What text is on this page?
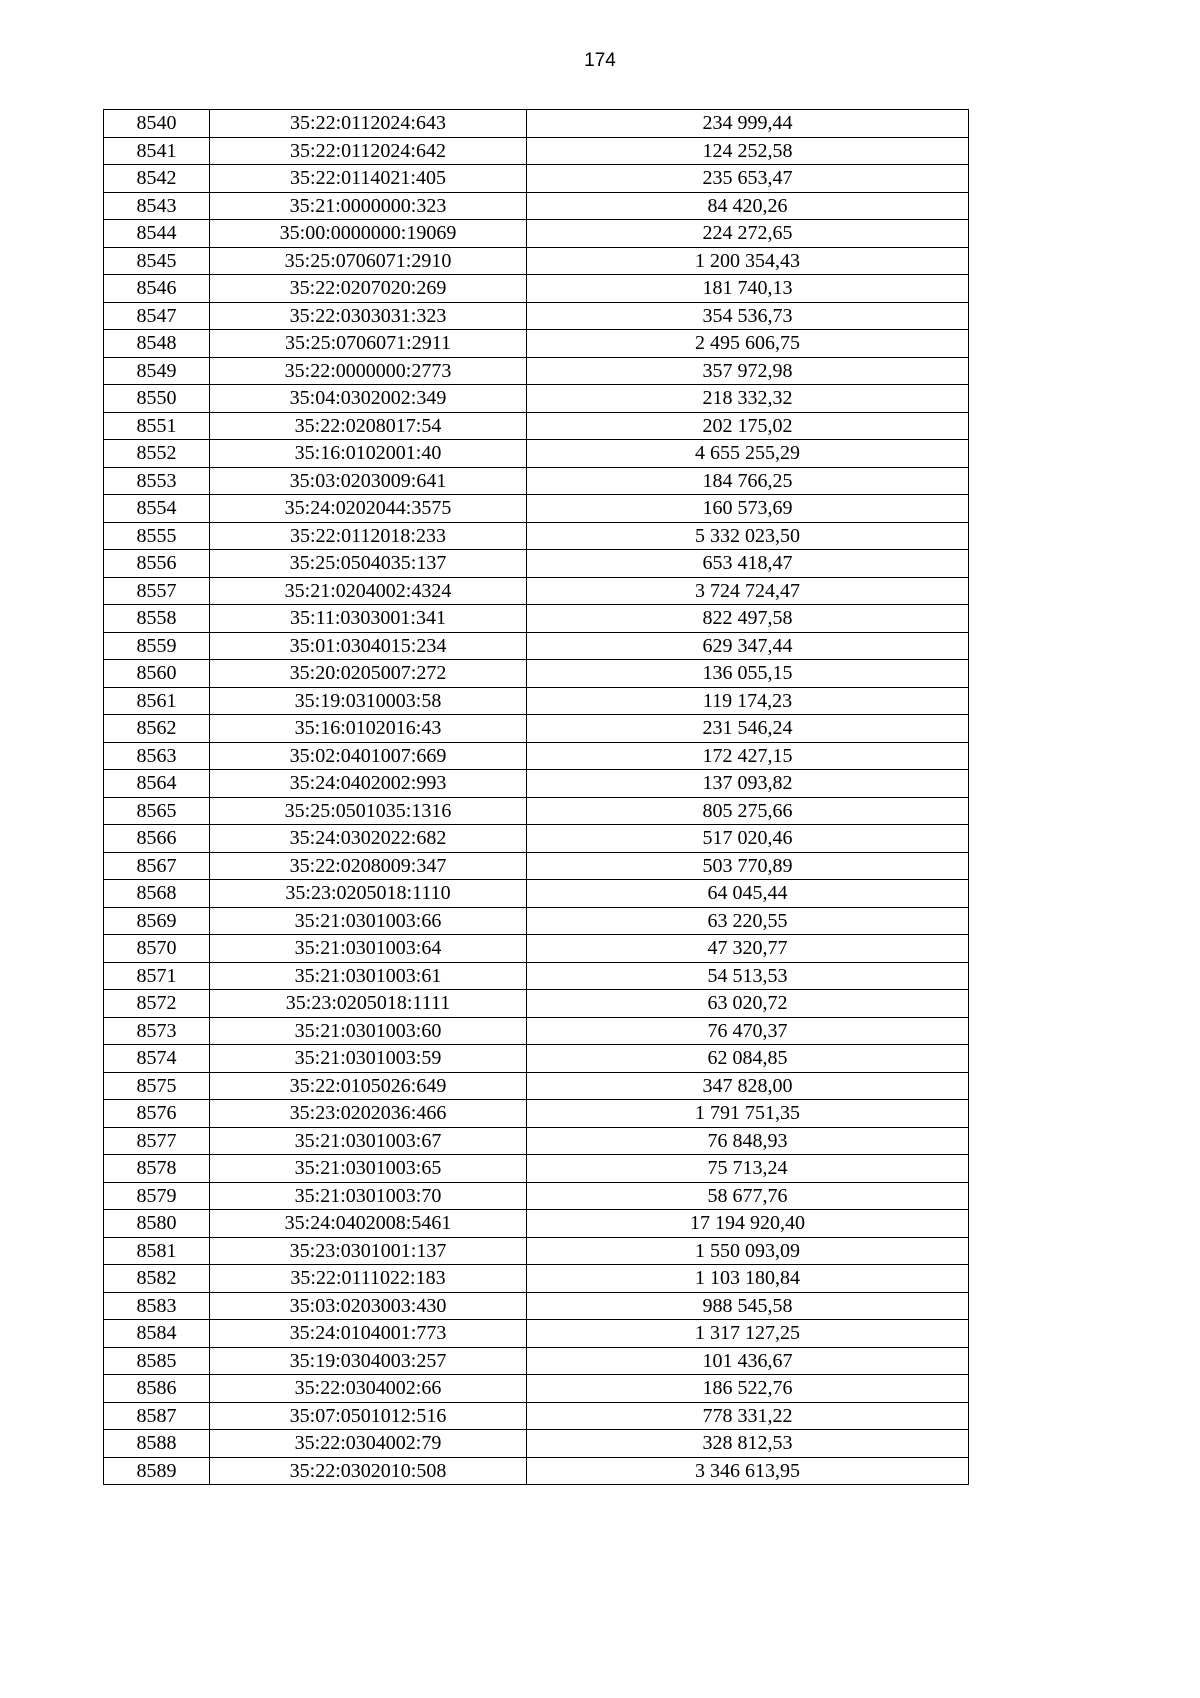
174
8540	35:22:0112024:643	234 999,44
8541	35:22:0112024:642	124 252,58
8542	35:22:0114021:405	235 653,47
8543	35:21:0000000:323	84 420,26
8544	35:00:0000000:19069	224 272,65
8545	35:25:0706071:2910	1 200 354,43
8546	35:22:0207020:269	181 740,13
8547	35:22:0303031:323	354 536,73
8548	35:25:0706071:2911	2 495 606,75
8549	35:22:0000000:2773	357 972,98
8550	35:04:0302002:349	218 332,32
8551	35:22:0208017:54	202 175,02
8552	35:16:0102001:40	4 655 255,29
8553	35:03:0203009:641	184 766,25
8554	35:24:0202044:3575	160 573,69
8555	35:22:0112018:233	5 332 023,50
8556	35:25:0504035:137	653 418,47
8557	35:21:0204002:4324	3 724 724,47
8558	35:11:0303001:341	822 497,58
8559	35:01:0304015:234	629 347,44
8560	35:20:0205007:272	136 055,15
8561	35:19:0310003:58	119 174,23
8562	35:16:0102016:43	231 546,24
8563	35:02:0401007:669	172 427,15
8564	35:24:0402002:993	137 093,82
8565	35:25:0501035:1316	805 275,66
8566	35:24:0302022:682	517 020,46
8567	35:22:0208009:347	503 770,89
8568	35:23:0205018:1110	64 045,44
8569	35:21:0301003:66	63 220,55
8570	35:21:0301003:64	47 320,77
8571	35:21:0301003:61	54 513,53
8572	35:23:0205018:1111	63 020,72
8573	35:21:0301003:60	76 470,37
8574	35:21:0301003:59	62 084,85
8575	35:22:0105026:649	347 828,00
8576	35:23:0202036:466	1 791 751,35
8577	35:21:0301003:67	76 848,93
8578	35:21:0301003:65	75 713,24
8579	35:21:0301003:70	58 677,76
8580	35:24:0402008:5461	17 194 920,40
8581	35:23:0301001:137	1 550 093,09
8582	35:22:0111022:183	1 103 180,84
8583	35:03:0203003:430	988 545,58
8584	35:24:0104001:773	1 317 127,25
8585	35:19:0304003:257	101 436,67
8586	35:22:0304002:66	186 522,76
8587	35:07:0501012:516	778 331,22
8588	35:22:0304002:79	328 812,53
8589	35:22:0302010:508	3 346 613,95
